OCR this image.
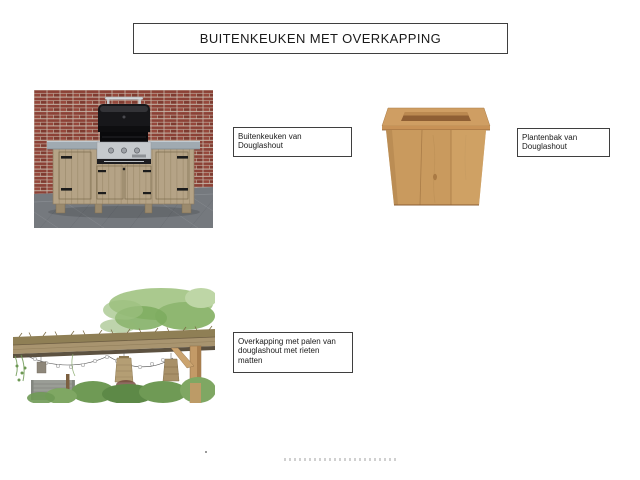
BUITENKEUKEN MET OVERKAPPING
Buitenkeuken van
Douglashout
Plantenbak van
Douglashout
Overkapping met palen van
douglashout met rieten
matten
